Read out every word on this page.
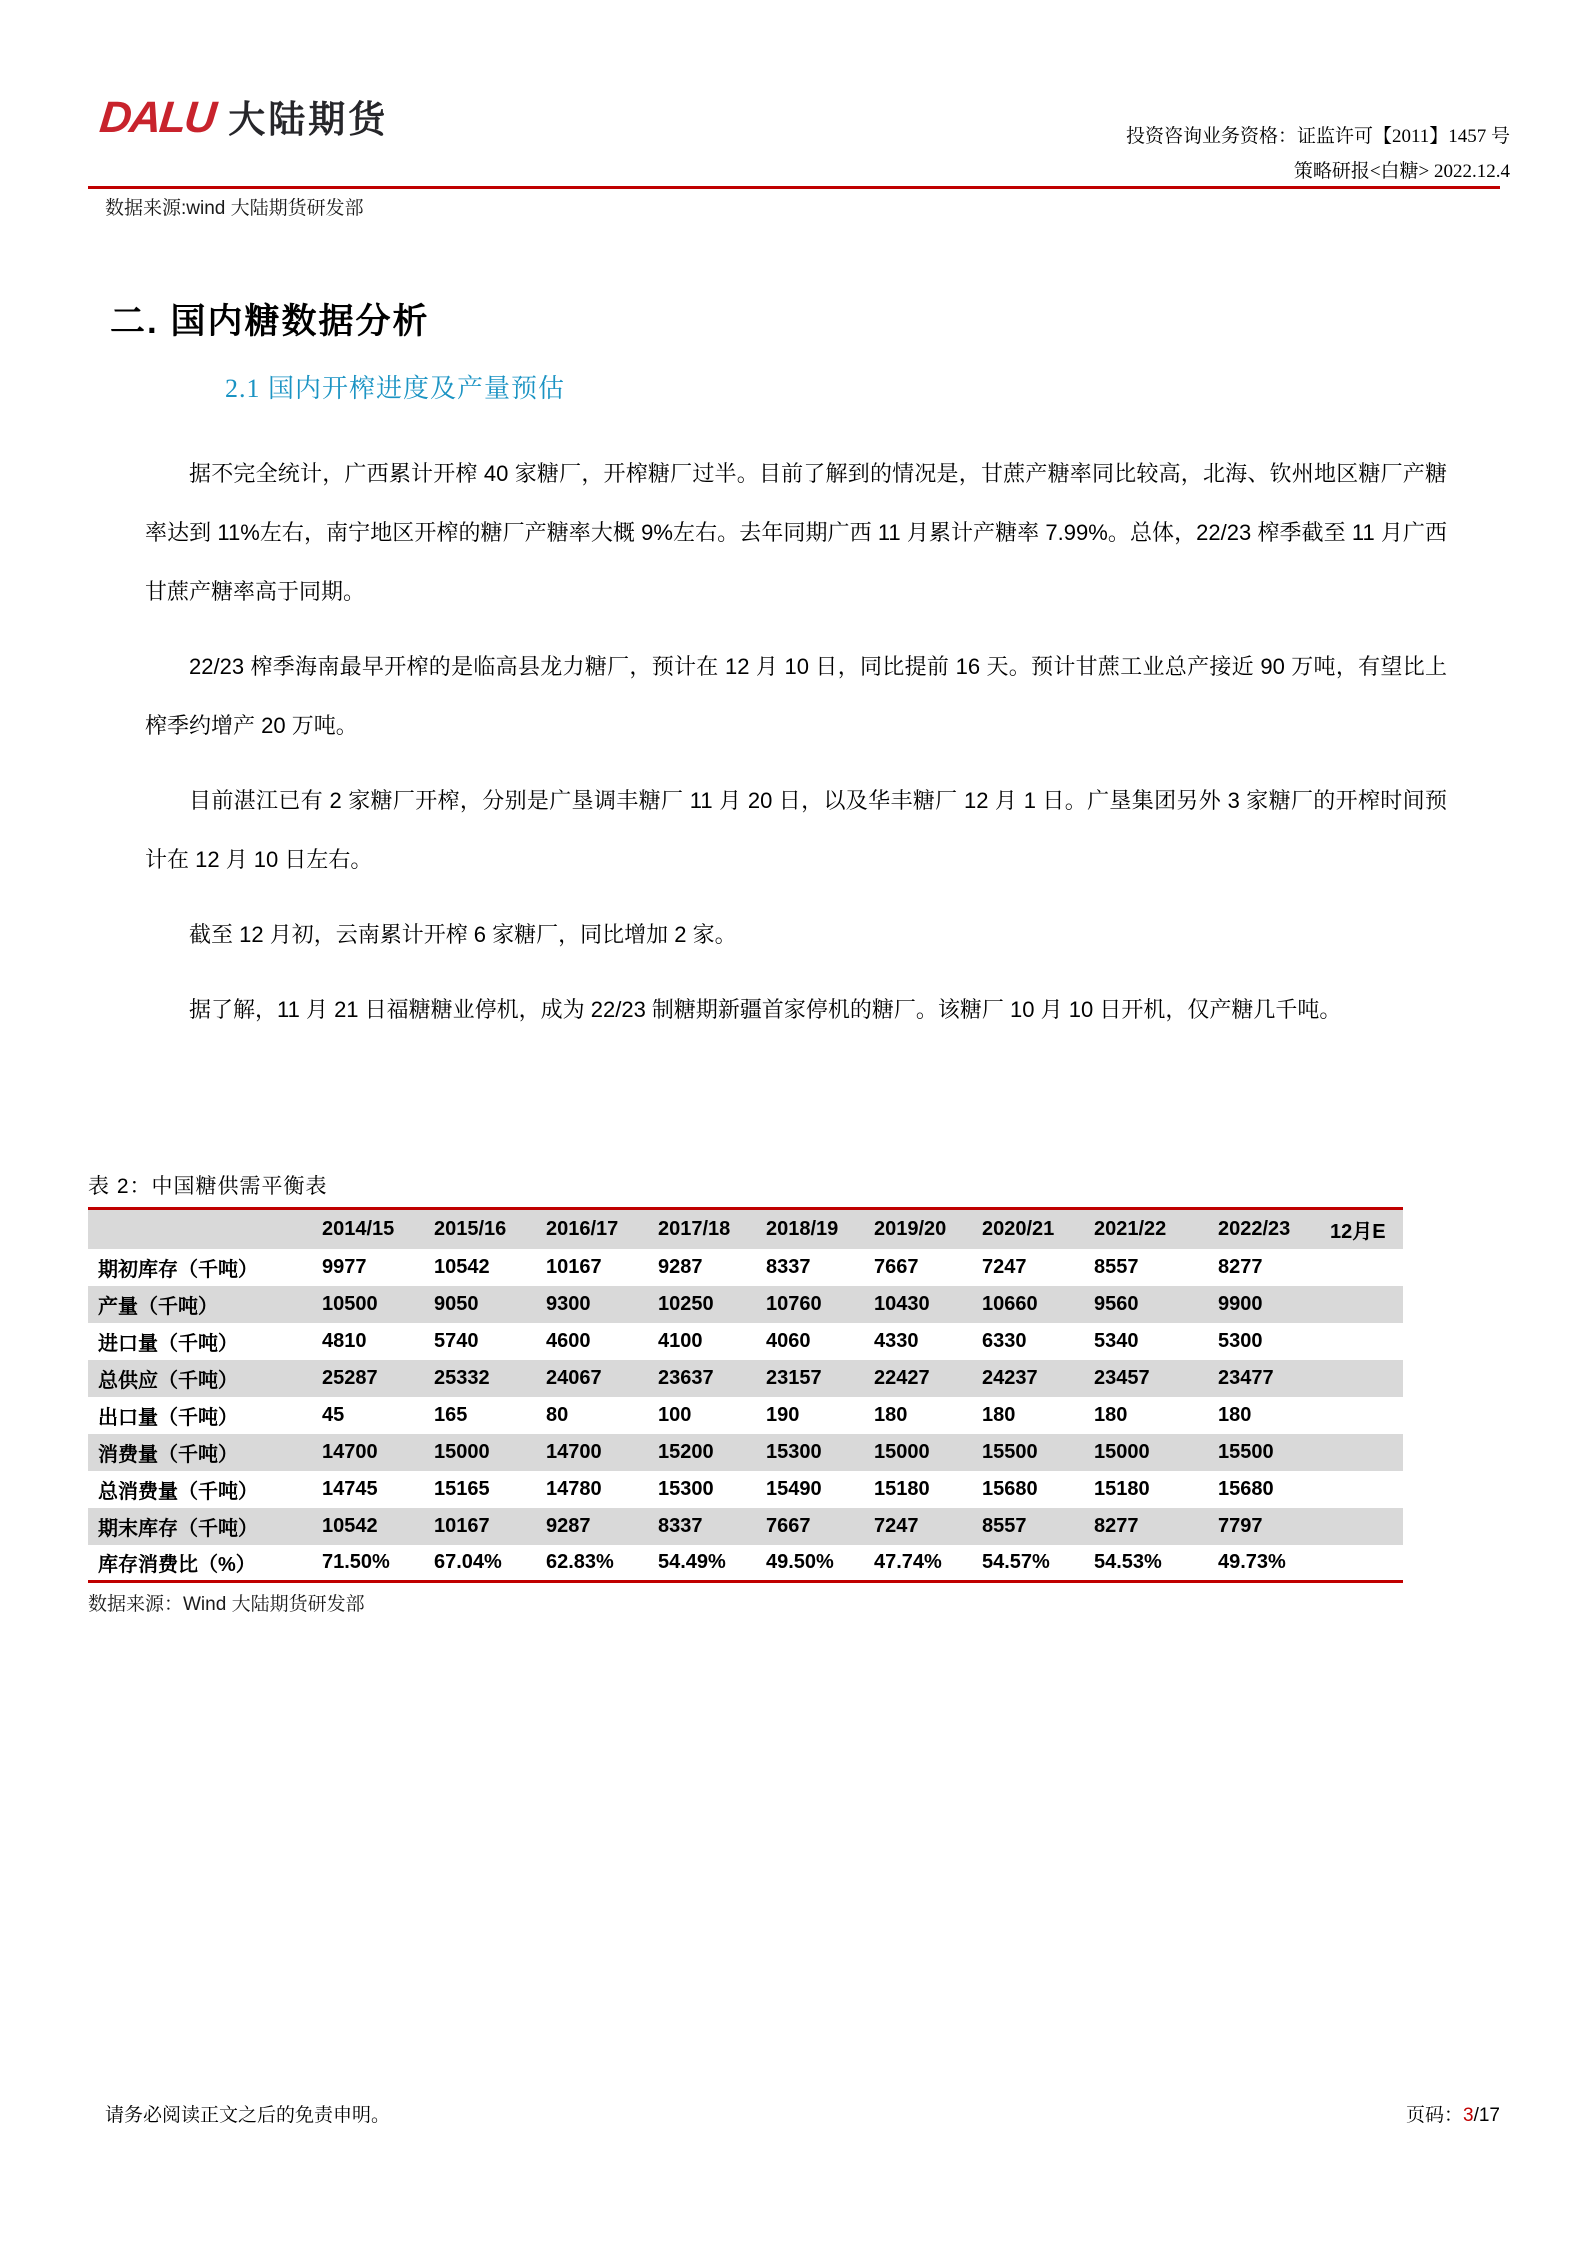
DALU 大陆期货	投资咨询业务资格：证监许可【2011】1457 号
策略研报<白糖> 2022.12.4
数据来源:wind 大陆期货研发部
二. 国内糖数据分析
2.1 国内开榨进度及产量预估

据不完全统计，广西累计开榨 40 家糖厂，开榨糖厂过半。目前了解到的情况是，甘蔗产糖率同比较高，北海、钦州地区糖厂产糖率达到 11%左右，南宁地区开榨的糖厂产糖率大概 9%左右。去年同期广西 11 月累计产糖率 7.99%。总体，22/23 榨季截至 11 月广西甘蔗产糖率高于同期。

22/23 榨季海南最早开榨的是临高县龙力糖厂，预计在 12 月 10 日，同比提前 16 天。预计甘蔗工业总产接近 90 万吨，有望比上榨季约增产 20 万吨。

目前湛江已有 2 家糖厂开榨，分别是广垦调丰糖厂 11 月 20 日，以及华丰糖厂 12 月 1 日。广垦集团另外 3 家糖厂的开榨时间预计在 12 月 10 日左右。

截至 12 月初，云南累计开榨 6 家糖厂，同比增加 2 家。

据了解，11 月 21 日福糖糖业停机，成为 22/23 制糖期新疆首家停机的糖厂。该糖厂 10 月 10 日开机，仅产糖几千吨。

表 2：中国糖供需平衡表
	2014/15	2015/16	2016/17	2017/18	2018/19	2019/20	2020/21	2021/22	2022/23	12月E
期初库存（千吨）	9977	10542	10167	9287	8337	7667	7247	8557	8277	
产量（千吨）	10500	9050	9300	10250	10760	10430	10660	9560	9900	
进口量（千吨）	4810	5740	4600	4100	4060	4330	6330	5340	5300	
总供应（千吨）	25287	25332	24067	23637	23157	22427	24237	23457	23477	
出口量（千吨）	45	165	80	100	190	180	180	180	180	
消费量（千吨）	14700	15000	14700	15200	15300	15000	15500	15000	15500	
总消费量（千吨）	14745	15165	14780	15300	15490	15180	15680	15180	15680	
期末库存（千吨）	10542	10167	9287	8337	7667	7247	8557	8277	7797	
库存消费比（%）	71.50%	67.04%	62.83%	54.49%	49.50%	47.74%	54.57%	54.53%	49.73%	
数据来源：Wind 大陆期货研发部
请务必阅读正文之后的免责申明。	页码：3/17
